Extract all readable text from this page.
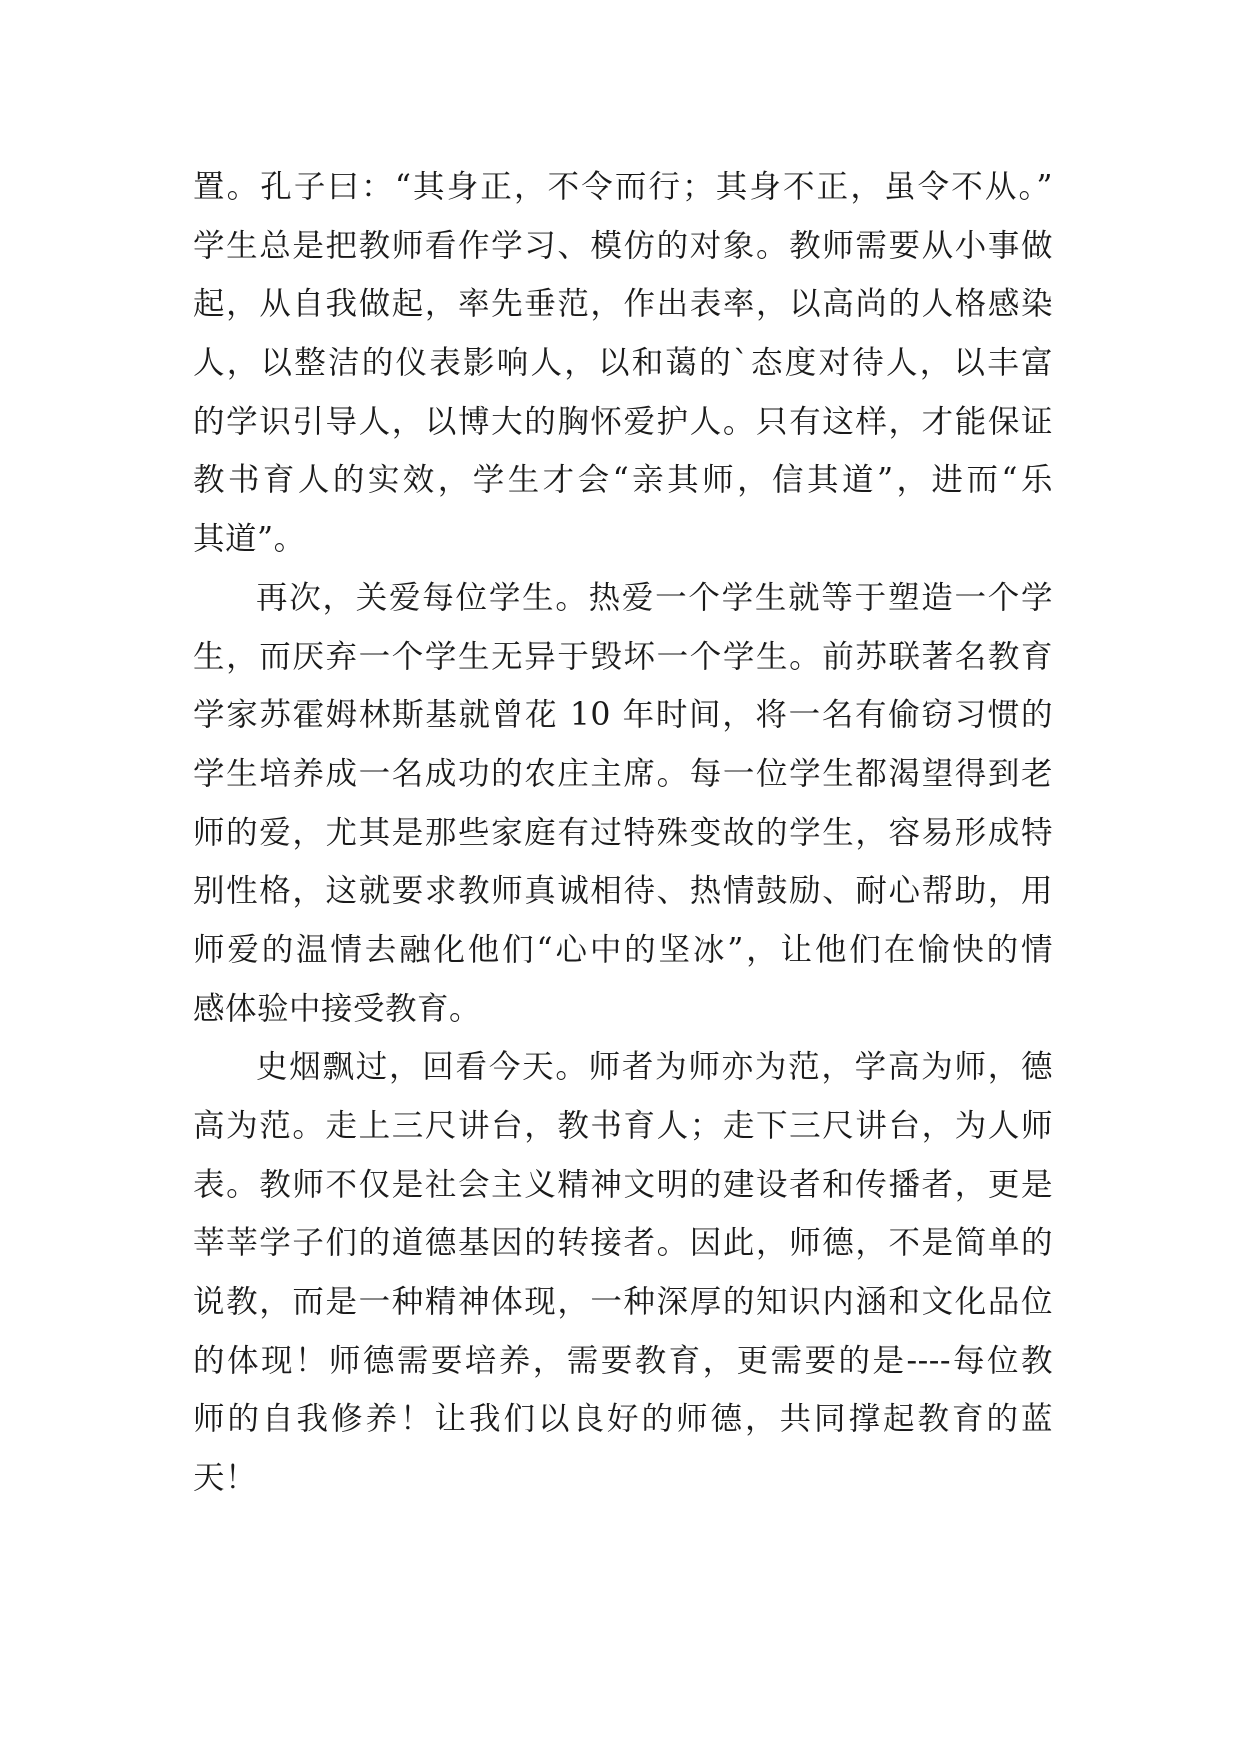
置。孔子曰：“其身正，不令而行；其身不正，虽令不从。”
学生总是把教师看作学习、模仿的对象。教师需要从小事做
起，从自我做起，率先垂范，作出表率，以高尚的人格感染
人，以整洁的仪表影响人，以和蔼的`态度对待人，以丰富
的学识引导人，以博大的胸怀爱护人。只有这样，才能保证
教书育人的实效，学生才会“亲其师，信其道”，进而“乐
其道”。
再次，关爱每位学生。热爱一个学生就等于塑造一个学
生，而厌弃一个学生无异于毁坏一个学生。前苏联著名教育
学家苏霍姆林斯基就曾花 10 年时间，将一名有偷窃习惯的
学生培养成一名成功的农庄主席。每一位学生都渴望得到老
师的爱，尤其是那些家庭有过特殊变故的学生，容易形成特
别性格，这就要求教师真诚相待、热情鼓励、耐心帮助，用
师爱的温情去融化他们“心中的坚冰”，让他们在愉快的情
感体验中接受教育。
史烟飘过，回看今天。师者为师亦为范，学高为师，德
高为范。走上三尺讲台，教书育人；走下三尺讲台，为人师
表。教师不仅是社会主义精神文明的建设者和传播者，更是
莘莘学子们的道德基因的转接者。因此，师德，不是简单的
说教，而是一种精神体现，一种深厚的知识内涵和文化品位
的体现！师德需要培养，需要教育，更需要的是----每位教
师的自我修养！让我们以良好的师德，共同撑起教育的蓝
天！
